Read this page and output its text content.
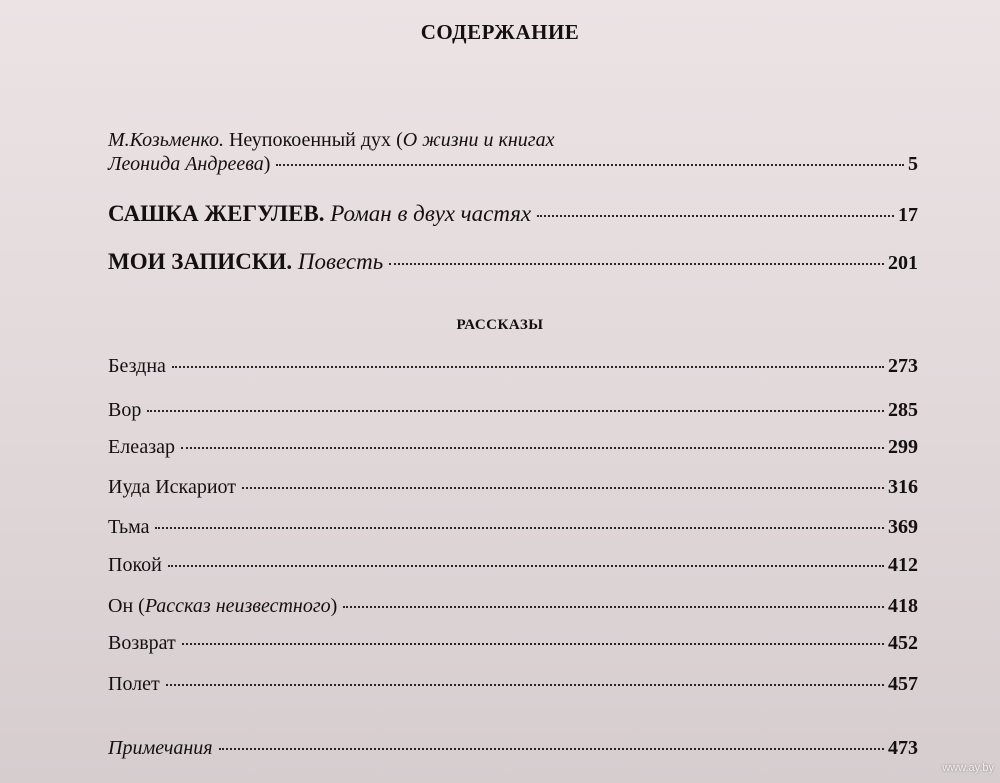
СОДЕРЖАНИЕ
М.Козьменко. Неупокоенный дух (О жизни и книгах
Леонида Андреева)	5
САШКА ЖЕГУЛЕВ. Роман в двух частях	17
МОИ ЗАПИСКИ. Повесть	201
РАССКАЗЫ
Бездна	273
Вор	285
Елеазар	299
Иуда Искариот	316
Тьма	369
Покой	412
Он (Рассказ неизвестного)	418
Возврат	452
Полет	457
Примечания	473
www.ay.by
